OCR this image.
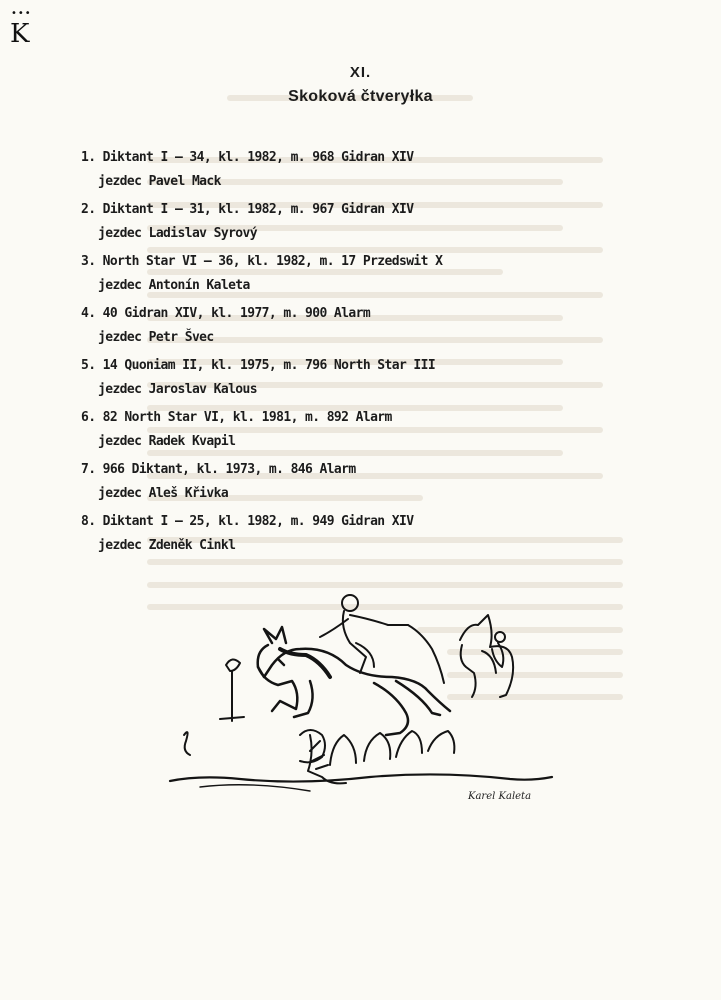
•••
K
XI.
Skoková čtveryłka
1. Diktant I — 34, kl. 1982, m. 968 Gidran XIV
jezdec Pavel Mack
2. Diktant I — 31, kl. 1982, m. 967 Gidran XIV
jezdec Ladislav Syrový
3. North Star VI — 36, kl. 1982, m. 17 Przedswit X
jezdec Antonín Kaleta
4. 40 Gidran XIV, kl. 1977, m. 900 Alarm
jezdec Petr Švec
5. 14 Quoniam II, kl. 1975, m. 796 North Star III
jezdec Jaroslav Kalous
6. 82 North Star VI, kl. 1981, m. 892 Alarm
jezdec Radek Kvapil
7. 966 Diktant, kl. 1973, m. 846 Alarm
jezdec Aleš Křivka
8. Diktant I — 25, kl. 1982, m. 949 Gidran XIV
jezdec Zdeněk Cinkl
Karel Kaleta
